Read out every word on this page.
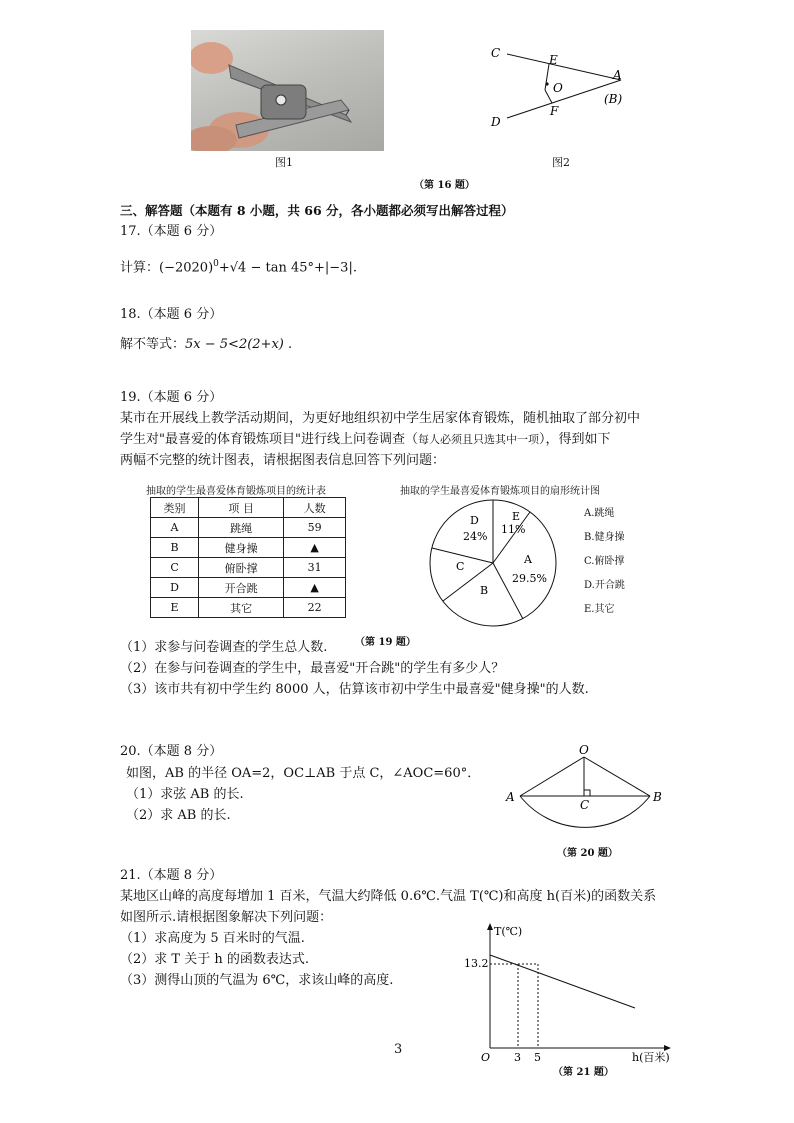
图1
C	E
A
O
(B)
D
F
图2
（第 16 题）
三、解答题（本题有 8 小题，共 66 分，各小题都必须写出解答过程）
17.（本题 6 分）
计算：$(-2020)^0+√4 - \tan 45^\circ+|-3|$.
18.（本题 6 分）
解不等式：5x − 5<2(2+x) .
19.（本题 6 分）
某市在开展线上教学活动期间，为更好地组织初中学生居家体育锻炼，随机抽取了部分初中
学生对"最喜爱的体育锻炼项目"进行线上问卷调查（每人必须且只选其中一项），得到如下
两幅不完整的统计图表，请根据图表信息回答下列问题：
抽取的学生最喜爱体育锻炼项目的统计表
类别	项 目	人数
A	跳绳	59
B	健身操	▲
C	俯卧撑	31
D	开合跳	▲
E	其它	22
抽取的学生最喜爱体育锻炼项目的扇形统计图
D
24%
E
11%
A
29.5%
C
B
A.跳绳
B.健身操
C.俯卧撑
D.开合跳
E.其它
（第 19 题）
（1）求参与问卷调查的学生总人数.
（2）在参与问卷调查的学生中，最喜爱"开合跳"的学生有多少人？
（3）该市共有初中学生约 8000 人，估算该市初中学生中最喜爱"健身操"的人数.
20.（本题 8 分）
如图，AB 的半径 OA=2，OC⊥AB 于点 C，∠AOC=60°．
（1）求弦 AB 的长.
（2）求 AB 的长.
O
A	B
C
（第 20 题）
21.（本题 8 分）
某地区山峰的高度每增加 1 百米，气温大约降低 0.6℃.气温 T(℃)和高度 h(百米)的函数关系
如图所示.请根据图象解决下列问题：
（1）求高度为 5 百米时的气温.
（2）求 T 关于 h 的函数表达式.
（3）测得山顶的气温为 6℃，求该山峰的高度.
T(℃)
13.2
O 3 5	h(百米)
（第 21 题）
3
